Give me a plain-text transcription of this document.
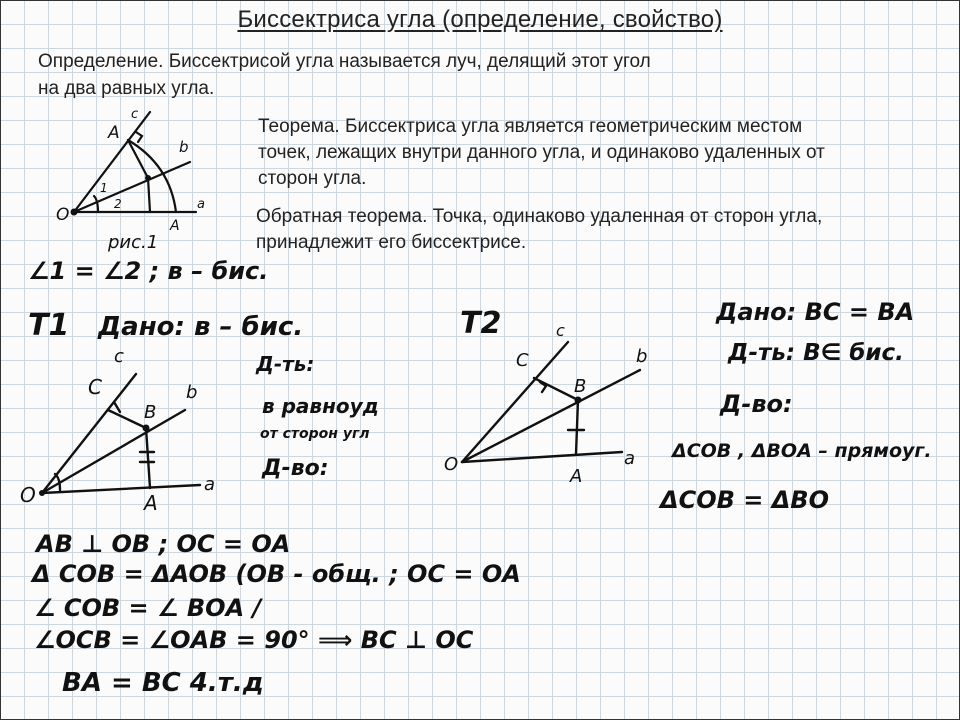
Биссектриса угла (определение, свойство)
Определение. Биссектрисой угла называется луч, делящий этот угол
на два равных угла.
Теорема. Биссектриса угла является геометрическим местом
точек, лежащих внутри данного угла, и одинаково удаленных от
сторон угла.
Обратная теорема. Точка, одинаково удаленная от сторон угла,
принадлежит его биссектрисе.
A
c
b
O
a
A
1
2
рис.1
c
C
B
b
O	A
a
c
C
B
b
O
A
a
∠1 = ∠2 ; в – бис.
T1 Дано: в – бис.
Д-ть:
в равноуд
от сторон угл
Д-во:
T2	Дано: BC = BA
Д-ть: B∈ бис.
Д-во:
ΔCOB , ΔBOA – прямоуг.
ΔCOB = ΔBO
AB ⊥ OB ; OC = OA
Δ COB = ΔAOB (OB - общ. ; OC = OA
∠ COB = ∠ BOA /
∠OCB = ∠OAB = 90° ⟹ BC ⊥ OC
BA = BC 4.т.д
